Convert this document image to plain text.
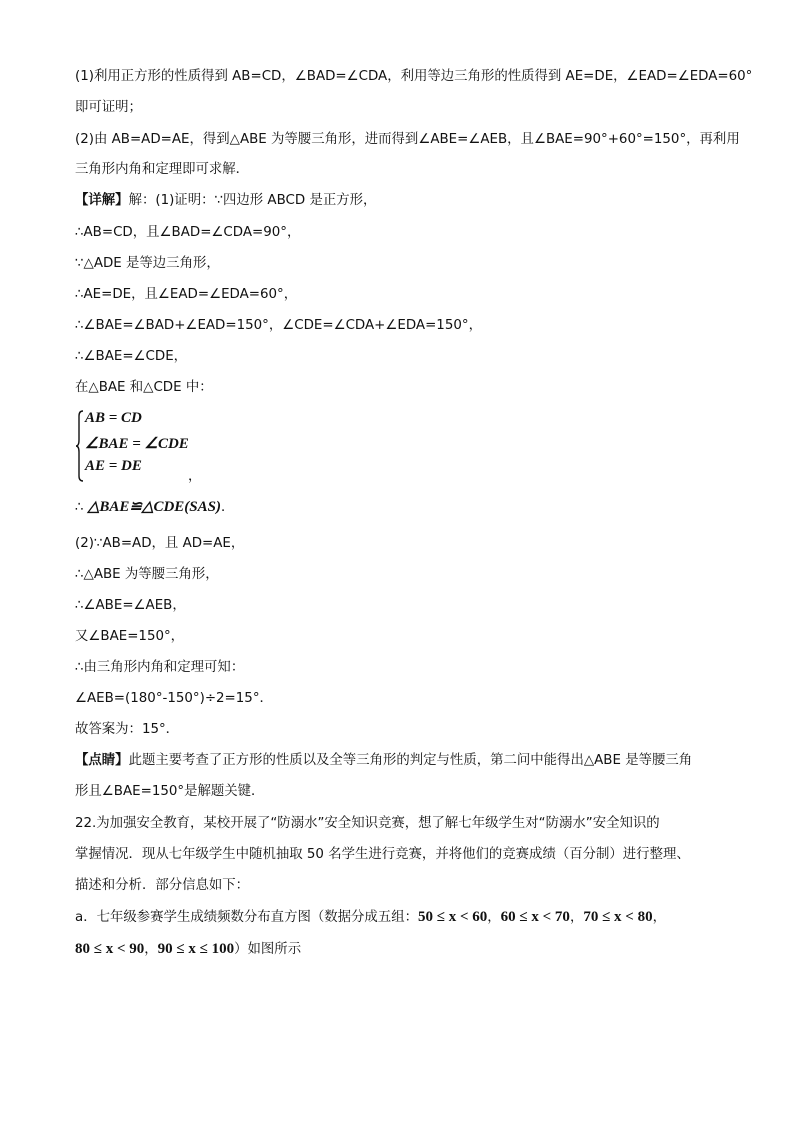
(1)利用正方形的性质得到 AB=CD，∠BAD=∠CDA，利用等边三角形的性质得到 AE=DE，∠EAD=∠EDA=60°
即可证明；
(2)由 AB=AD=AE，得到△ABE 为等腰三角形，进而得到∠ABE=∠AEB，且∠BAE=90°+60°=150°，再利用
三角形内角和定理即可求解．
【详解】解：(1)证明：∵四边形 ABCD 是正方形，
∴AB=CD，且∠BAD=∠CDA=90°，
∵△ADE 是等边三角形，
∴AE=DE，且∠EAD=∠EDA=60°，
∴∠BAE=∠BAD+∠EAD=150°，∠CDE=∠CDA+∠EDA=150°，
∴∠BAE=∠CDE，
在△BAE 和△CDE 中：
AB = CD
∠BAE = ∠CDE
AE = DE
，
∴ △BAE≌△CDE(SAS)．
(2)∵AB=AD，且 AD=AE，
∴△ABE 为等腰三角形，
∴∠ABE=∠AEB，
又∠BAE=150°，
∴由三角形内角和定理可知：
∠AEB=(180°-150°)÷2=15°．
故答案为：15°．
【点睛】此题主要考查了正方形的性质以及全等三角形的判定与性质，第二问中能得出△ABE 是等腰三角
形且∠BAE=150°是解题关键．
22.为加强安全教育，某校开展了“防溺水”安全知识竞赛，想了解七年级学生对“防溺水”安全知识的
掌握情况．现从七年级学生中随机抽取 50 名学生进行竞赛，并将他们的竞赛成绩（百分制）进行整理、
描述和分析．部分信息如下：
a．七年级参赛学生成绩频数分布直方图（数据分成五组：50 ≤ x < 60，60 ≤ x < 70，70 ≤ x < 80，
80 ≤ x < 90，90 ≤ x ≤ 100）如图所示
